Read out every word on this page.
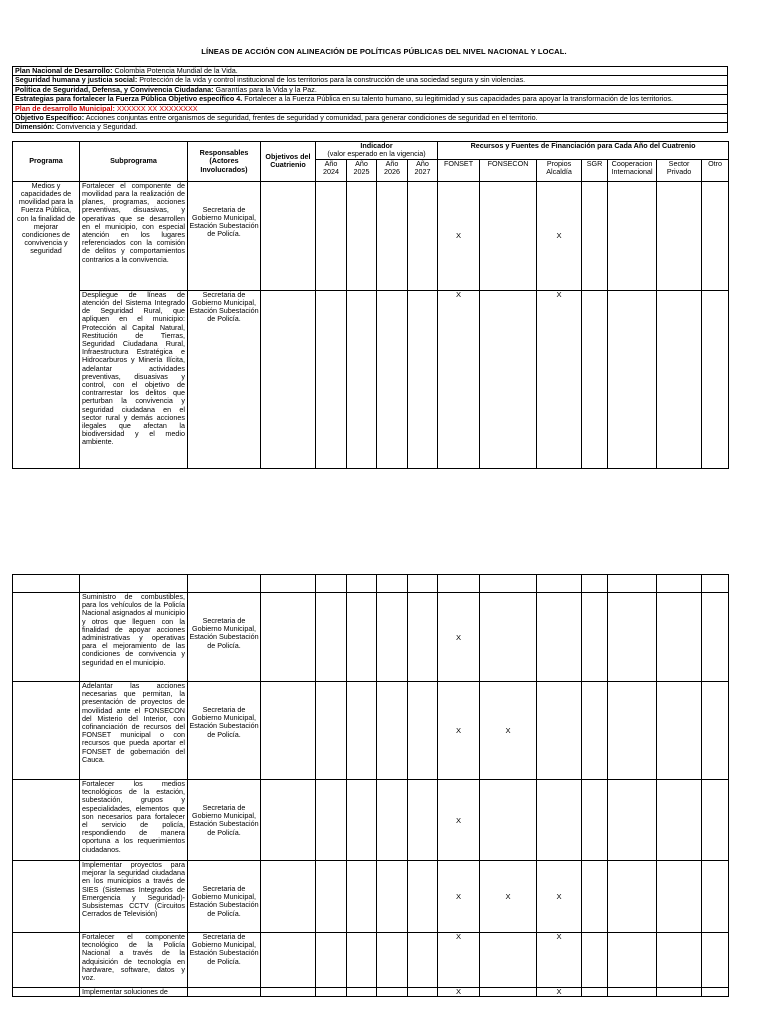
LÍNEAS DE ACCIÓN CON ALINEACIÓN DE POLÍTICAS PÚBLICAS DEL NIVEL NACIONAL Y LOCAL.
Plan Nacional de Desarrollo: Colombia Potencia Mundial de la Vida.
Seguridad humana y justicia social: Protección de la vida y control institucional de los territorios para la construcción de una sociedad segura y sin violencias.
Política de Seguridad, Defensa, y Convivencia Ciudadana: Garantías para la Vida y la Paz.
Estrategias para fortalecer la Fuerza Pública Objetivo específico 4. Fortalecer a la Fuerza Pública en su talento humano, su legitimidad y sus capacidades para apoyar la transformación de los territorios.
Plan de desarrollo Municipal: XXXXXX XX XXXXXXXX
Objetivo Específico: Acciones conjuntas entre organismos de seguridad, frentes de seguridad y comunidad, para generar condiciones de seguridad en el territorio.
Dimensión: Convivencia y Seguridad.
Programa	Subprograma	Responsables (Actores Involucrados)	Objetivos del Cuatrienio	Indicador
(valor esperado en la vigencia)				Recursos y Fuentes de Financiación para Cada Año del Cuatrenio						
				Año 2024	Año 2025	Año 2026	Año 2027	FONSET	FONSECON	Propios Alcaldía	SGR	Cooperacion Internacional	Sector Privado	Otro
Medios y capacidades de movilidad para la Fuerza Pública, con la finalidad de mejorar condiciones de convivencia y seguridad	Fortalecer el componente de movilidad para la realización de planes, programas, acciones preventivas, disuasivas, y operativas que se desarrollen en el municipio, con especial atención en los lugares referenciados con la comisión de delitos y comportamientos contrarios a la convivencia.	Secretaria de Gobierno Municipal, Estación Subestación de Policía.						X		X				
	Despliegue de líneas de atención del Sistema Integrado de Seguridad Rural, que apliquen en el municipio: Protección al Capital Natural, Restitución de Tierras, Seguridad Ciudadana Rural, Infraestructura Estratégica e Hidrocarburos y Minería Ilícita, adelantar actividades preventivas, disuasivas y control, con el objetivo de contrarrestar los delitos que perturban la convivencia y seguridad ciudadana en el sector rural y demás acciones ilegales que afectan la biodiversidad y el medio ambiente.	Secretaria de Gobierno Municipal, Estación Subestación de Policía.						X		X				

	Suministro de combustibles, para los vehículos de la Policía Nacional asignados al municipio y otros que lleguen con la finalidad de apoyar acciones administrativas y operativas para el mejoramiento de las condiciones de convivencia y seguridad en el municipio.	Secretaria de Gobierno Municipal, Estación Subestación de Policía.						X						
	Adelantar las acciones necesarias que permitan, la presentación de proyectos de movilidad ante el FONSECON del Misterio del Interior, con cofinanciación de recursos del FONSET municipal o con recursos que pueda aportar el FONSET de gobernación del Cauca.	Secretaria de Gobierno Municipal, Estación Subestación de Policía.						X	X					
	Fortalecer los medios tecnológicos de la estación, subestación, grupos y especialidades, elementos que son necesarios para fortalecer el servicio de policía, respondiendo de manera oportuna a los requerimientos ciudadanos.	Secretaria de Gobierno Municipal, Estación Subestación de Policía.						X						
	Implementar proyectos para mejorar la seguridad ciudadana en los municipios a través de SIES (Sistemas Integrados de Emergencia y Seguridad)-Subsistemas CCTV (Circuitos Cerrados de Televisión)	Secretaria de Gobierno Municipal, Estación Subestación de Policía.						X	X	X				
	Fortalecer el componente tecnológico de la Policía Nacional a través de la adquisición de tecnología en hardware, software, datos y voz.	Secretaria de Gobierno Municipal, Estación Subestación de Policía.						X		X				
	Implementar soluciones de							X		X				
